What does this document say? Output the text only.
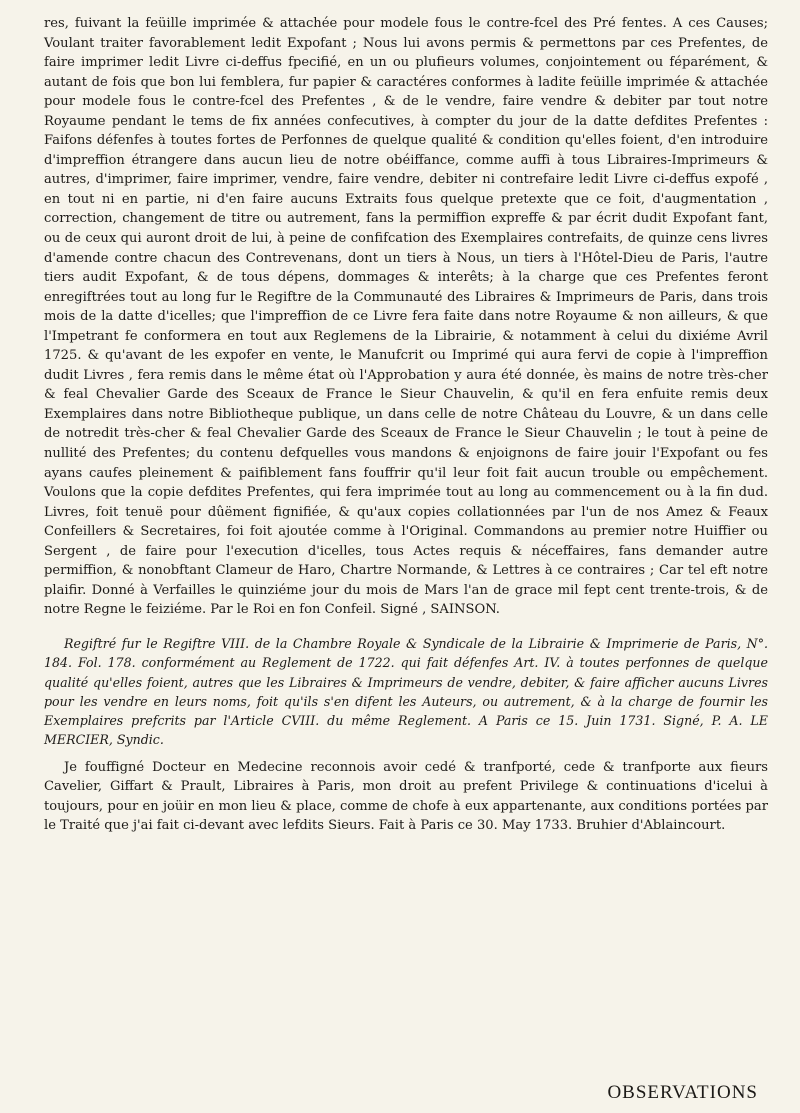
res, fuivant la feüille imprimée & attachée pour modele fous le contre-fcel des Pré fentes. A ces Causes; Voulant traiter favorablement ledit Expofant ; Nous lui avons permis & permettons par ces Prefentes, de faire imprimer ledit Livre ci-deffus fpecifié, en un ou plufieurs volumes, conjointement ou féparément, & autant de fois que bon lui femblera, fur papier & caractéres conformes à ladite feüille imprimée & attachée pour modele fous le contre-fcel des Prefentes , & de le vendre, faire vendre & debiter par tout notre Royaume pendant le tems de fix années confecutives, à compter du jour de la datte defdites Prefentes : Faifons défenfes à toutes fortes de Perfonnes de quelque qualité & condition qu'elles foient, d'en introduire d'impreffion étrangere dans aucun lieu de notre obéiffance, comme auffi à tous Libraires-Imprimeurs & autres, d'imprimer, faire imprimer, vendre, faire vendre, debiter ni contrefaire ledit Livre ci-deffus expofé , en tout ni en partie, ni d'en faire aucuns Extraits fous quelque pretexte que ce foit, d'augmentation , correction, changement de titre ou autrement, fans la permiffion expreffe & par écrit dudit Expofant fant, ou de ceux qui auront droit de lui, à peine de confifcation des Exemplaires contrefaits, de quinze cens livres d'amende contre chacun des Contrevenans, dont un tiers à Nous, un tiers à l'Hôtel-Dieu de Paris, l'autre tiers audit Expofant, & de tous dépens, dommages & interêts; à la charge que ces Prefentes feront enregiftrées tout au long fur le Regiftre de la Communauté des Libraires & Imprimeurs de Paris, dans trois mois de la datte d'icelles; que l'impreffion de ce Livre fera faite dans notre Royaume & non ailleurs, & que l'Impetrant fe conformera en tout aux Reglemens de la Librairie, & notamment à celui du dixiéme Avril 1725. & qu'avant de les expofer en vente, le Manufcrit ou Imprimé qui aura fervi de copie à l'impreffion dudit Livres , fera remis dans le même état où l'Approbation y aura été donnée, ès mains de notre très-cher & feal Chevalier Garde des Sceaux de France le Sieur Chauvelin, & qu'il en fera enfuite remis deux Exemplaires dans notre Bibliotheque publique, un dans celle de notre Château du Louvre, & un dans celle de notredit très-cher & feal Chevalier Garde des Sceaux de France le Sieur Chauvelin ; le tout à peine de nullité des Prefentes; du contenu defquelles vous mandons & enjoignons de faire jouir l'Expofant ou fes ayans caufes pleinement & paifiblement fans fouffrir qu'il leur foit fait aucun trouble ou empêchement. Voulons que la copie defdites Prefentes, qui fera imprimée tout au long au commencement ou à la fin dud. Livres, foit tenuë pour dûëment fignifiée, & qu'aux copies collationnées par l'un de nos Amez & Feaux Confeillers & Secretaires, foi foit ajoutée comme à l'Original. Commandons au premier notre Huiffier ou Sergent , de faire pour l'execution d'icelles, tous Actes requis & néceffaires, fans demander autre permiffion, & nonobftant Clameur de Haro, Chartre Normande, & Lettres à ce contraires ; Car tel eft notre plaifir. Donné à Verfailles le quinziéme jour du mois de Mars l'an de grace mil fept cent trente-trois, & de notre Regne le feiziéme. Par le Roi en fon Confeil. Signé , SAINSON.

Regiftré fur le Regiftre VIII. de la Chambre Royale & Syndicale de la Librairie & Imprimerie de Paris, N°. 184. Fol. 178. conformément au Reglement de 1722. qui fait défenfes Art. IV. à toutes perfonnes de quelque qualité qu'elles foient, autres que les Libraires & Imprimeurs de vendre, debiter, & faire afficher aucuns Livres pour les vendre en leurs noms, foit qu'ils s'en difent les Auteurs, ou autrement, & à la charge de fournir les Exemplaires prefcrits par l'Article CVIII. du même Reglement. A Paris ce 15. Juin 1731. Signé, P. A. LE MERCIER, Syndic.

Je fouffigné Docteur en Medecine reconnois avoir cedé & tranfporté, cede & tranfporte aux fieurs Cavelier, Giffart & Prault, Libraires à Paris, mon droit au prefent Privilege & continuations d'icelui à toujours, pour en joüir en mon lieu & place, comme de chofe à eux appartenante, aux conditions portées par le Traité que j'ai fait ci-devant avec lefdits Sieurs. Fait à Paris ce 30. May 1733. Bruhier d'Ablaincourt.

OBSERVATIONS
